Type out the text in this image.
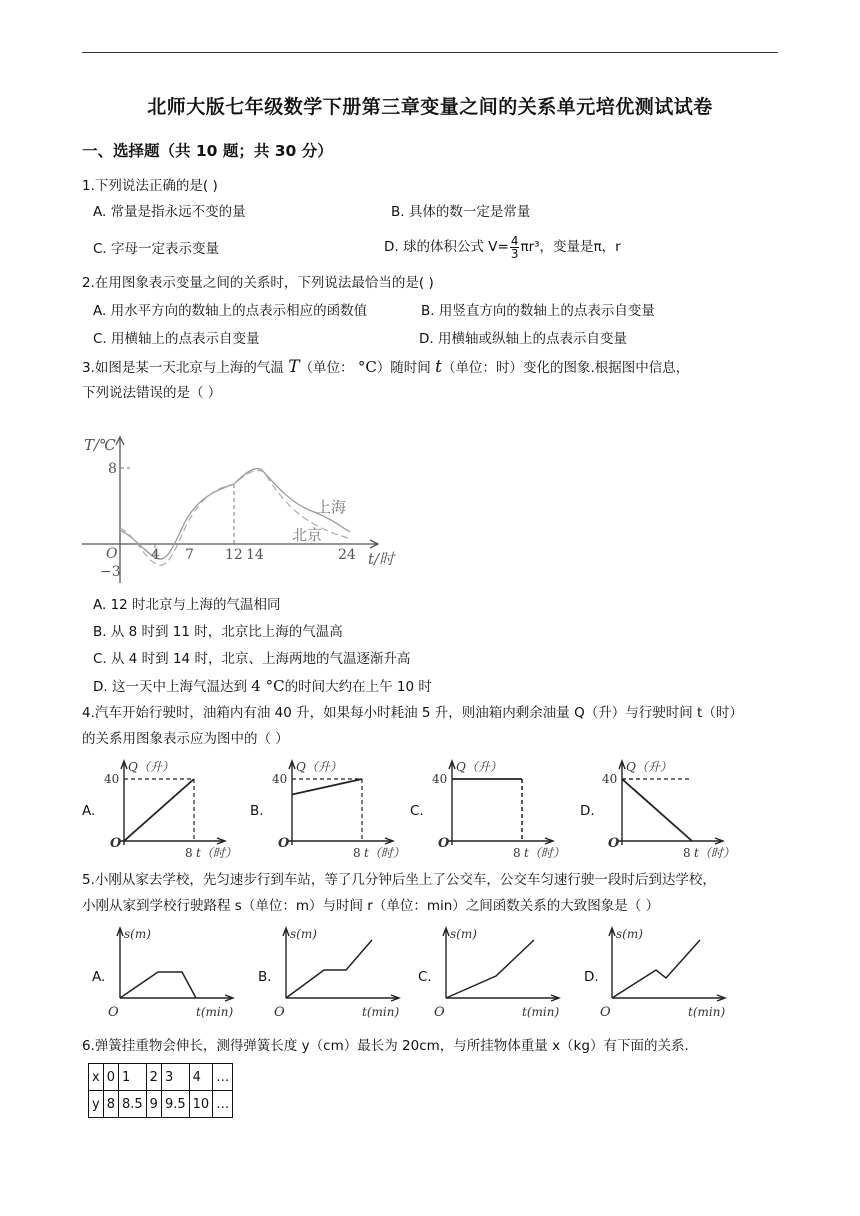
北师大版七年级数学下册第三章变量之间的关系单元培优测试试卷
一、选择题（共 10 题；共 30 分）
1.下列说法正确的是( )
A. 常量是指永远不变的量	B. 具体的数一定是常量
C. 字母一定表示变量	D. 球的体积公式 $V= \frac{4}{3} \pi r^3$，变量是π，r
2.在用图象表示变量之间的关系时，下列说法最恰当的是( )
A. 用水平方向的数轴上的点表示相应的函数值	B. 用竖直方向的数轴上的点表示自变量
C. 用横轴上的点表示自变量	D. 用横轴或纵轴上的点表示自变量
3.如图是某一天北京与上海的气温 T（单位： °C）随时间 t（单位：时）变化的图象.根据图中信息，
下列说法错误的是（ ）
T/℃
8
−3
O 4 7 12 14	24 t/时
上海
北京
A. 12 时北京与上海的气温相同
B. 从 8 时到 11 时，北京比上海的气温高
C. 从 4 时到 14 时，北京、上海两地的气温逐渐升高
D. 这一天中上海气温达到 4 °C的时间大约在上午 10 时
4.汽车开始行驶时，油箱内有油 40 升，如果每小时耗油 5 升，则油箱内剩余油量 Q（升）与行驶时间 t（时）
的关系用图象表示应为图中的（ ）
A.
Q（升）
40
O
8 t（时）
B.
Q（升）
40
O
8 t（时）
C.
Q（升）
40
O
8 t（时）
D.
Q（升）
40
O
8 t（时）
5.小刚从家去学校，先匀速步行到车站，等了几分钟后坐上了公交车，公交车匀速行驶一段时后到达学校，
小刚从家到学校行驶路程 s（单位：m）与时间 r（单位：min）之间函数关系的大致图象是（ ）
A.
s(m)
O	t(min)
B.
s(m)
O	t(min)
C.
s(m)
O	t(min)
D.
s(m)
O	t(min)
6.弹簧挂重物会伸长，测得弹簧长度 y（cm）最长为 20cm，与所挂物体重量 x（kg）有下面的关系.
x	0	1	2	3	4	…
y	8	8.5	9	9.5	10	…
